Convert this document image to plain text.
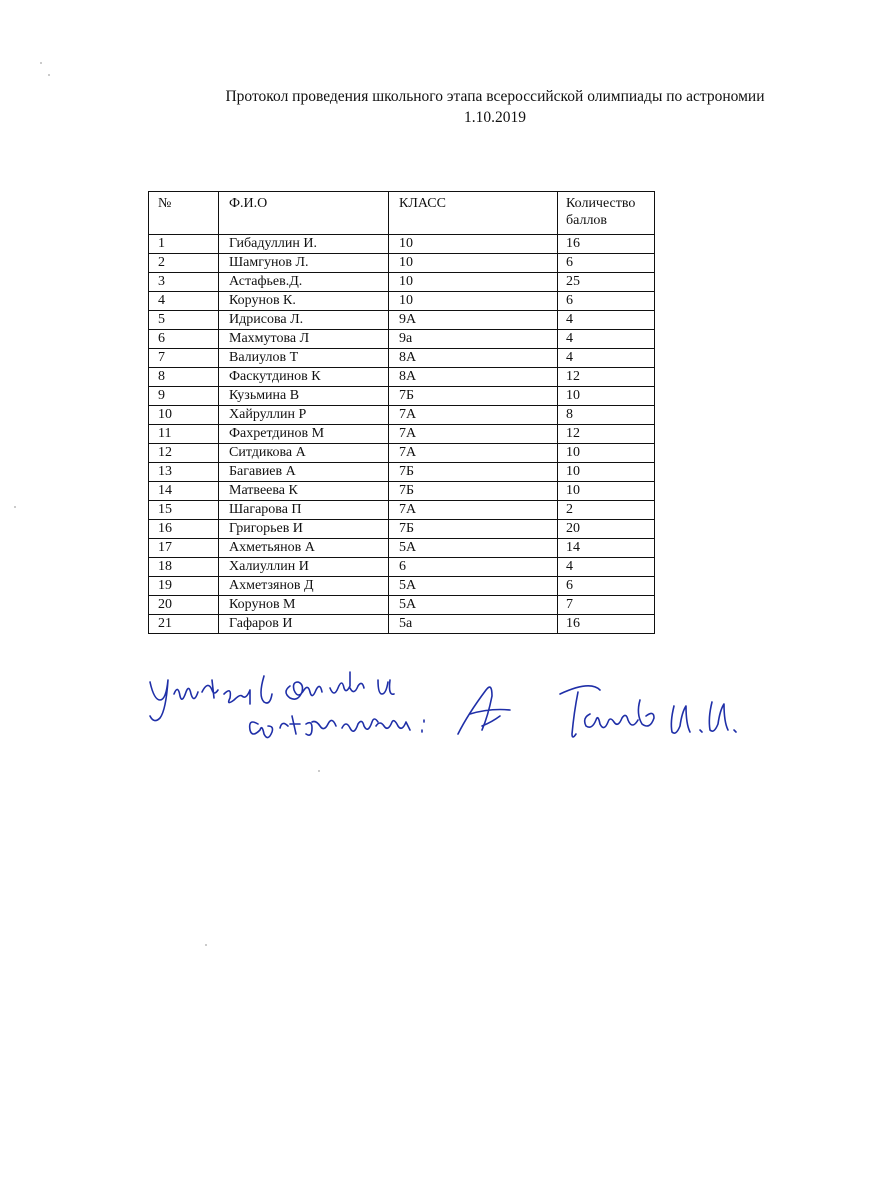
Протокол проведения школьного этапа всероссийской олимпиады по астрономии
1.10.2019
№	Ф.И.О	КЛАСС	Количество баллов
1	Гибадуллин И.	10	16
2	Шамгунов Л.	10	6
3	Астафьев.Д.	10	25
4	Корунов К.	10	6
5	Идрисова Л.	9А	4
6	Махмутова Л	9а	4
7	Валиулов Т	8А	4
8	Фаскутдинов К	8А	12
9	Кузьмина В	7Б	10
10	Хайруллин Р	7А	8
11	Фахретдинов М	7А	12
12	Ситдикова А	7А	10
13	Багавиев А	7Б	10
14	Матвеева К	7Б	10
15	Шагарова П	7А	2
16	Григорьев И	7Б	20
17	Ахметьянов А	5А	14
18	Халиуллин И	6	4
19	Ахметзянов Д	5А	6
20	Корунов М	5А	7
21	Гафаров И	5а	16
